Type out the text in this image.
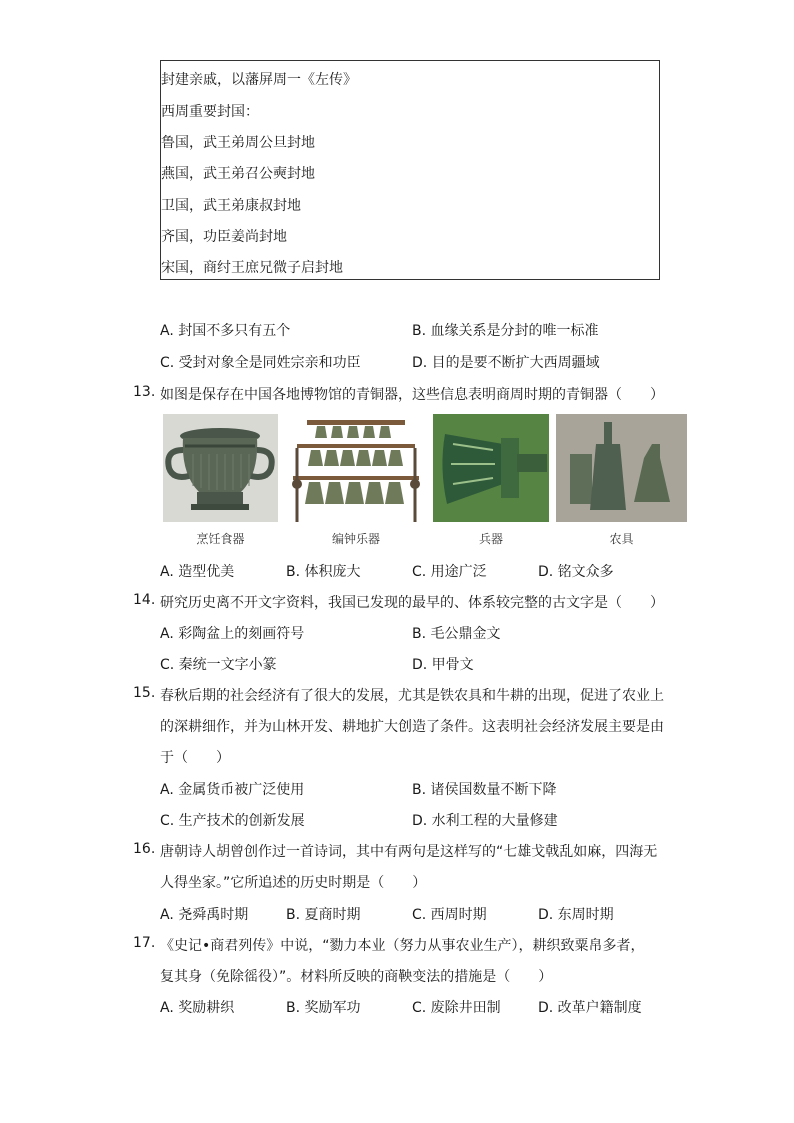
封建亲戚，以藩屏周一《左传》
西周重要封国：
鲁国，武王弟周公旦封地
燕国，武王弟召公奭封地
卫国，武王弟康叔封地
齐国，功臣姜尚封地
宋国，商纣王庶兄微子启封地
A. 封国不多只有五个	B. 血缘关系是分封的唯一标准
C. 受封对象全是同姓宗亲和功臣	D. 目的是要不断扩大西周疆域
13. 如图是保存在中国各地博物馆的青铜器，这些信息表明商周时期的青铜器（　　）
烹饪食器	编钟乐器	兵器	农具
A. 造型优美	B. 体积庞大	C. 用途广泛	D. 铭文众多
14. 研究历史离不开文字资料，我国已发现的最早的、体系较完整的古文字是（　　）
A. 彩陶盆上的刻画符号	B. 毛公鼎金文
C. 秦统一文字小篆	D. 甲骨文
15. 春秋后期的社会经济有了很大的发展，尤其是铁农具和牛耕的出现，促进了农业上
的深耕细作，并为山林开发、耕地扩大创造了条件。这表明社会经济发展主要是由
于（　　）
A. 金属货币被广泛使用	B. 诸侯国数量不断下降
C. 生产技术的创新发展	D. 水利工程的大量修建
16. 唐朝诗人胡曾创作过一首诗词，其中有两句是这样写的“七雄戈戟乱如麻，四海无
人得坐家。”它所追述的历史时期是（　　）
A. 尧舜禹时期	B. 夏商时期	C. 西周时期	D. 东周时期
17. 《史记•商君列传》中说，“勠力本业（努力从事农业生产），耕织致粟帛多者，
复其身（免除徭役）”。材料所反映的商鞅变法的措施是（　　）
A. 奖励耕织	B. 奖励军功	C. 废除井田制	D. 改革户籍制度
